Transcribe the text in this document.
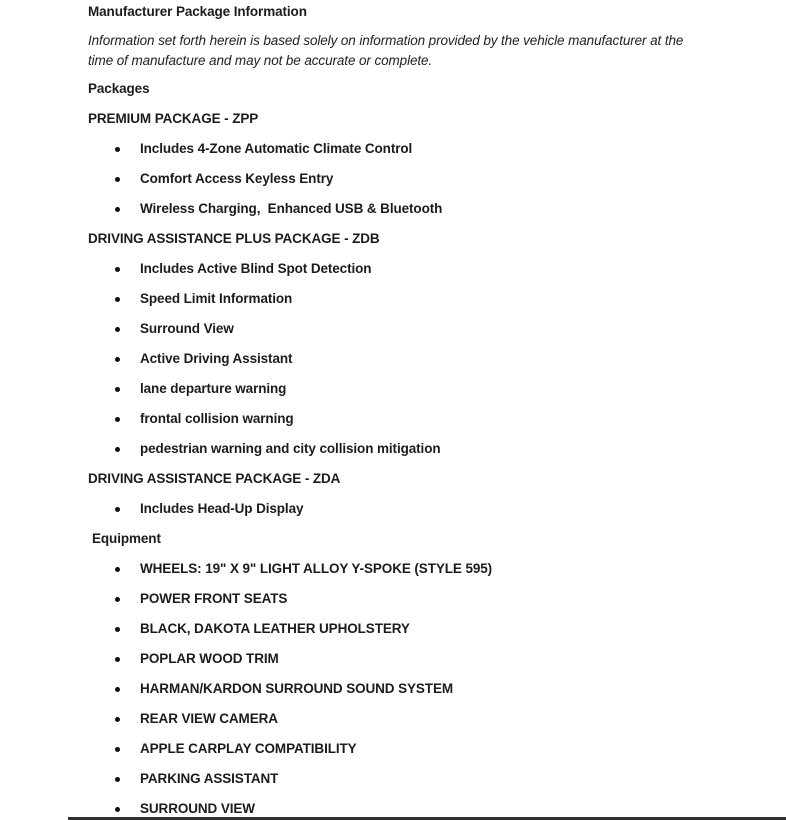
Manufacturer Package Information

Information set forth herein is based solely on information provided by the vehicle manufacturer at the time of manufacture and may not be accurate or complete.

Packages
PREMIUM PACKAGE - ZPP
Includes 4-Zone Automatic Climate Control
Comfort Access Keyless Entry
Wireless Charging,  Enhanced USB & Bluetooth
DRIVING ASSISTANCE PLUS PACKAGE - ZDB
Includes Active Blind Spot Detection
Speed Limit Information
Surround View
Active Driving Assistant
lane departure warning
frontal collision warning
pedestrian warning and city collision mitigation
DRIVING ASSISTANCE PACKAGE - ZDA
Includes Head-Up Display
Equipment
WHEELS: 19" X 9" LIGHT ALLOY Y-SPOKE (STYLE 595)
POWER FRONT SEATS
BLACK, DAKOTA LEATHER UPHOLSTERY
POPLAR WOOD TRIM
HARMAN/KARDON SURROUND SOUND SYSTEM
REAR VIEW CAMERA
APPLE CARPLAY COMPATIBILITY
PARKING ASSISTANT
SURROUND VIEW
